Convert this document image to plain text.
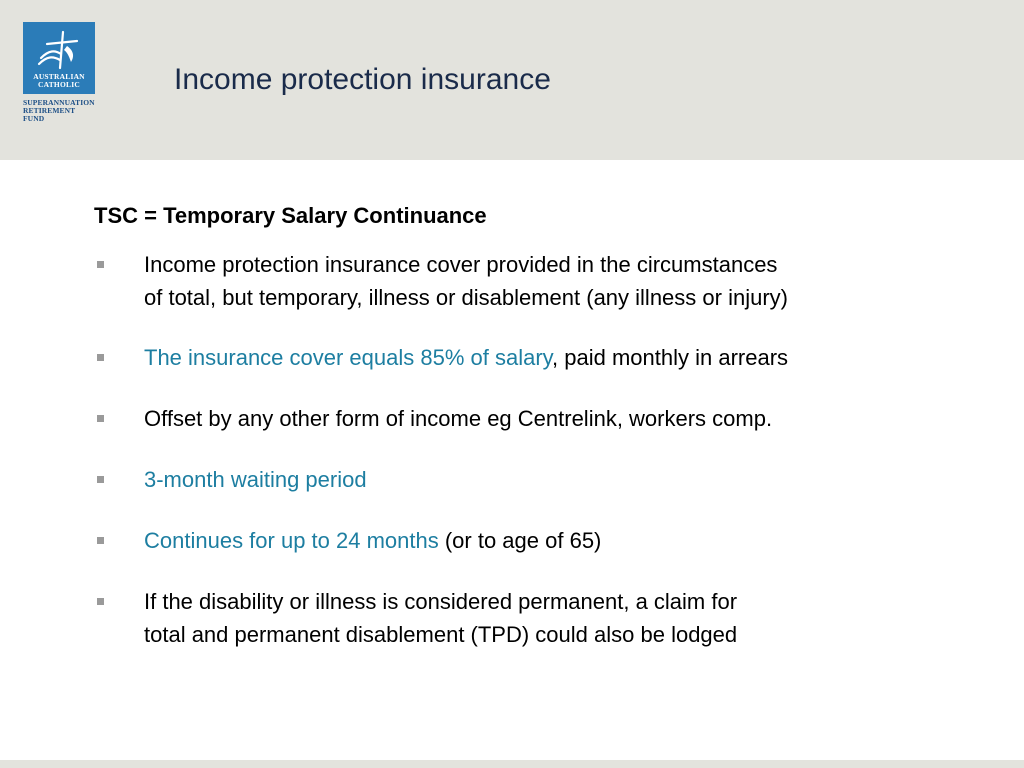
AUSTRALIAN
CATHOLIC
SUPERANNUATION
RETIREMENT
FUND
Income protection insurance

TSC = Temporary Salary Continuance

Income protection insurance cover provided in the circumstances
of total, but temporary, illness or disablement (any illness or injury)
The insurance cover equals 85% of salary, paid monthly in arrears
Offset by any other form of income eg Centrelink, workers comp.
3-month waiting period
Continues for up to 24 months (or to age of 65)
If the disability or illness is considered permanent, a claim for
total and permanent disablement (TPD) could also be lodged
